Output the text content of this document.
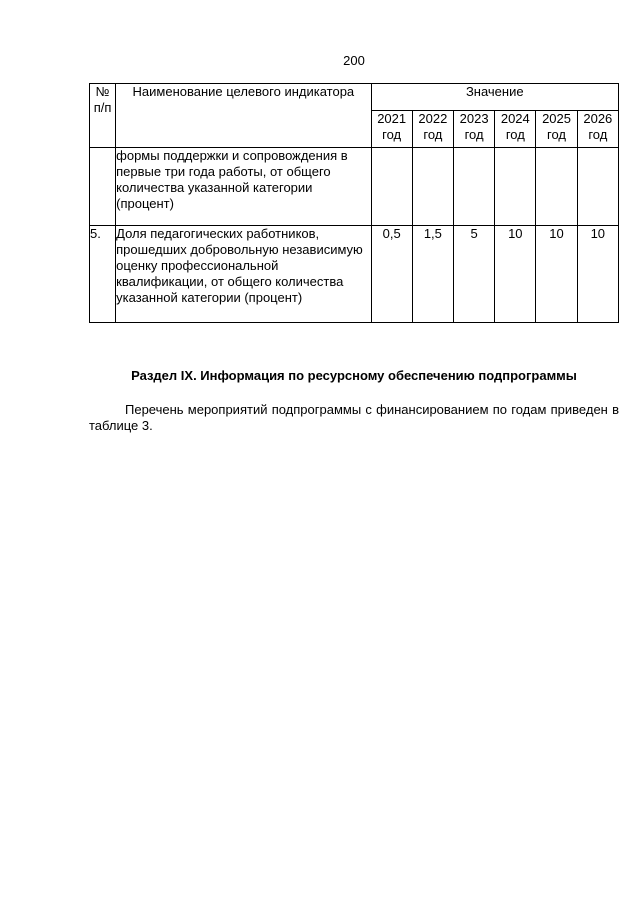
200
№ п/п	Наименование целевого индикатора	Значение					
		2021 год	2022 год	2023 год	2024 год	2025 год	2026 год
	формы поддержки и сопровождения в первые три года работы, от общего количества указанной категории (процент)						
5.	Доля педагогических работников, прошедших добровольную независимую оценку профессиональной квалификации, от общего количества указанной категории (процент)	0,5	1,5	5	10	10	10
Раздел IX. Информация по ресурсному обеспечению подпрограммы
Перечень мероприятий подпрограммы с финансированием по годам приведен в таблице 3.
